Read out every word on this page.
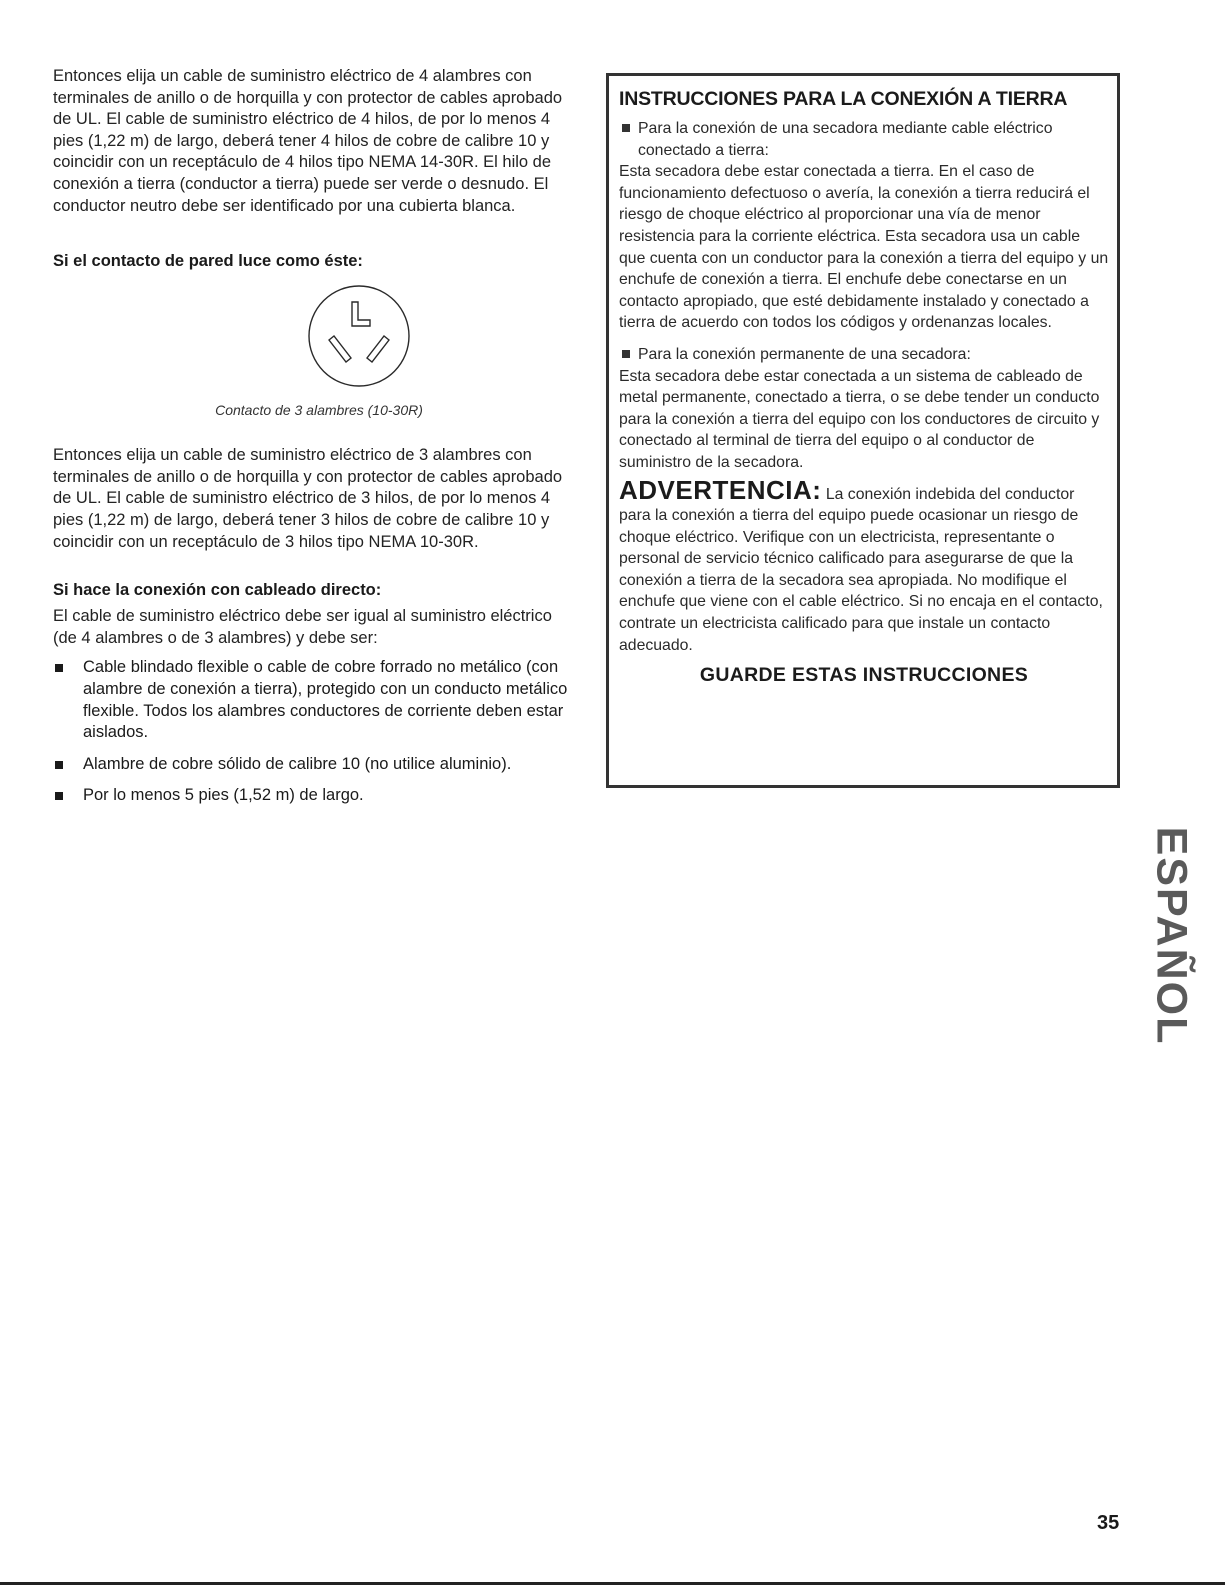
Entonces elija un cable de suministro eléctrico de 4 alambres con terminales de anillo o de horquilla y con protector de cables aprobado de UL. El cable de suministro eléctrico de 4 hilos, de por lo menos 4 pies (1,22 m) de largo, deberá tener 4 hilos de cobre de calibre 10 y coincidir con un receptáculo de 4 hilos tipo NEMA 14-30R. El hilo de conexión a tierra (conductor a tierra) puede ser verde o desnudo. El conductor neutro debe ser identificado por una cubierta blanca.

Si el contacto de pared luce como éste:

Contacto de 3 alambres (10-30R)

Entonces elija un cable de suministro eléctrico de 3 alambres con terminales de anillo o de horquilla y con protector de cables aprobado de UL. El cable de suministro eléctrico de 3 hilos, de por lo menos 4 pies (1,22 m) de largo, deberá tener 3 hilos de cobre de calibre 10 y coincidir con un receptáculo de 3 hilos tipo NEMA 10-30R.

Si hace la conexión con cableado directo:

El cable de suministro eléctrico debe ser igual al suministro eléctrico (de 4 alambres o de 3 alambres) y debe ser:

Cable blindado flexible o cable de cobre forrado no metálico (con alambre de conexión a tierra), protegido con un conducto metálico flexible. Todos los alambres conductores de corriente deben estar aislados.
Alambre de cobre sólido de calibre 10 (no utilice aluminio).
Por lo menos 5 pies (1,52 m) de largo.

INSTRUCCIONES PARA LA CONEXIÓN A TIERRA

Para la conexión de una secadora mediante cable eléctrico conectado a tierra:

Esta secadora debe estar conectada a tierra. En el caso de funcionamiento defectuoso o avería, la conexión a tierra reducirá el riesgo de choque eléctrico al proporcionar una vía de menor resistencia para la corriente eléctrica. Esta secadora usa un cable que cuenta con un conductor para la conexión a tierra del equipo y un enchufe de conexión a tierra. El enchufe debe conectarse en un contacto apropiado, que esté debidamente instalado y conectado a tierra de acuerdo con todos los códigos y ordenanzas locales.

Para la conexión permanente de una secadora:

Esta secadora debe estar conectada a un sistema de cableado de metal permanente, conectado a tierra, o se debe tender un conducto para la conexión a tierra del equipo con los conductores de circuito y conectado al terminal de tierra del equipo o al conductor de suministro de la secadora.

ADVERTENCIA: La conexión indebida del conductor para la conexión a tierra del equipo puede ocasionar un riesgo de choque eléctrico. Verifique con un electricista, representante o personal de servicio técnico calificado para asegurarse de que la conexión a tierra de la secadora sea apropiada. No modifique el enchufe que viene con el cable eléctrico. Si no encaja en el contacto, contrate un electricista calificado para que instale un contacto adecuado.

GUARDE ESTAS INSTRUCCIONES

ESPAÑOL
35
